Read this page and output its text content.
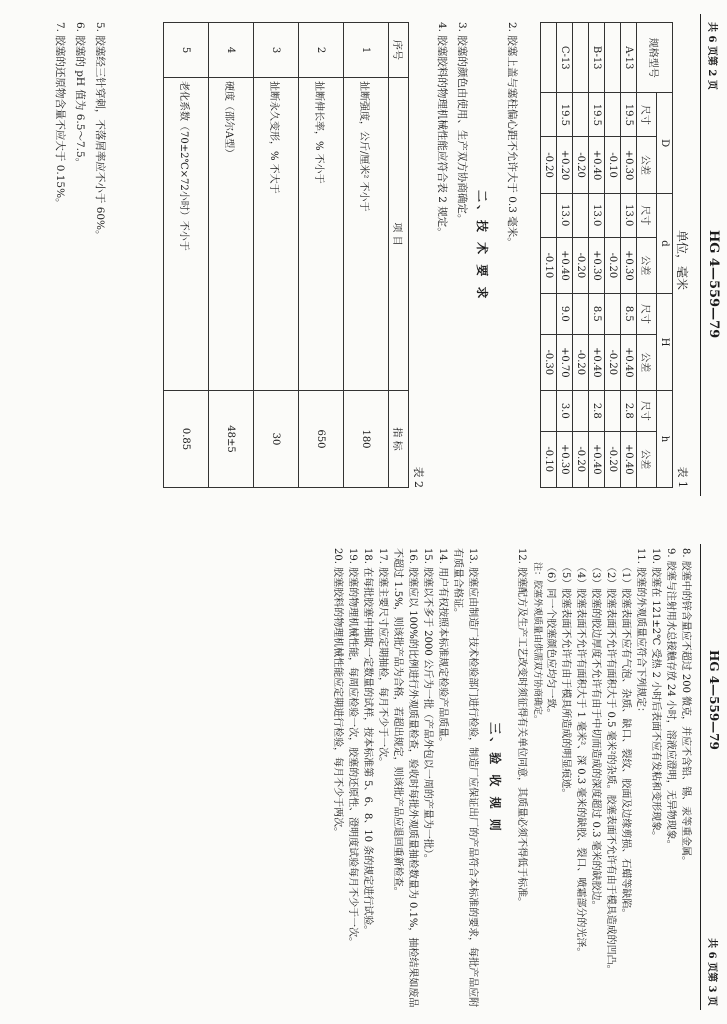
共 6 页第 2 页
HG 4—559—79
单位，毫米
表 1
规格型号	D		d		H		h	
	尺寸	公差	尺寸	公差	尺寸	公差	尺寸	公差
A-13	19.5	+0.30	13.0	+0.30	8.5	+0.40	2.8	+0.40
		-0.10		-0.20		-0.20		-0.20
B-13	19.5	+0.40	13.0	+0.30	8.5	+0.40	2.8	+0.40
		-0.20		-0.20		-0.20		-0.20
C-13	19.5	+0.20	13.0	+0.40	9.0	+0.70	3.0	+0.30
		-0.20		-0.10		-0.30		-0.10
2. 胶塞上盖与塞柱偏心距不允许大于 0.3 毫米。
二、技 术 要 求
3. 胶塞的颜色由使用、生产双方协商确定。
4. 胶塞胶料的物理机械性能应符合表 2 规定。
表 2
序号	项 目	指 标
1	扯断强度，公斤/厘米² 不小于	180
2	扯断伸长率，% 不小于	650
3	扯断永久变形，% 不大于	30
4	硬度（邵尔A型）	48±5
5	老化系数（70±2℃×72小时）不小于	0.85
5. 胶塞经三针穿刺，不落屑率应不小于 60%。
6. 胶塞的 pH 值为 6.5～7.5。
7. 胶塞的还原物含量不应大于 0.15%。
HG 4—559—79
共 6 页第 3 页
8. 胶塞中的锌含量应不超过 200 微克，并应不含铅、锡、汞等重金属。
9. 胶塞与注射用水总接触存放 24 小时，溶液应澄明，无异物现象。
10. 胶塞在 121±2℃ 受热 2 小时后表面不应有发粘和变形现象。
11. 胶塞的外观质量应符合下列规定：
（1）胶塞表面不应有气泡、杂质、缺口、裂纹、胶面及边缘剪损、石蜡等缺陷。
（2）胶塞表面不允许有面积大于 0.5 毫米²的杂质。胶塞表面不允许有由于模具造成的凹凸。
（3）胶塞的胶边厚度不允许有由于中切而造成的深度超过 0.3 毫米的缺胶边。
（4）胶塞表面不允许有面积大于 1 毫米²、深 0.3 毫米的缺胶、裂口、喷霜部分的光泽。
（5）胶塞表面不允许有由于模具所造成的明显痕迹。
（6）同一个胶塞颜色应均匀一致。
注：胶塞外观质量由供需双方协商确定。
12. 胶塞配方及生产工艺改变时须征得有关单位同意，其质量必须不得低于标准。
三、验 收 规 则
13. 胶塞应由制造厂技术检验部门进行检验，制造厂应保证出厂的产品符合本标准的要求，每批产品应附有质量合格证。
14. 用户有权按照本标准规定检验产品质量。
15. 胶塞以不多于 2000 公斤为一批（产品外包以一周的产量为一批）。
16. 胶塞应以 100%的比例进行外观质量检查，验收时每批外观质量抽检数量为 0.1%，抽检结果如废品不超过 1.5%，则该批产品为合格，若超出规定，则该批产品应退回重新检查。
17. 胶塞主要尺寸应定期抽检，每月不少于一次。
18. 在每批胶塞中抽取一定数量的试样，按本标准第 5、6、8、10 条的规定进行试验。
19. 胶塞的物理机械性能，每周应检验一次，胶塞的还原性、澄明度试验每月不少于一次。
20. 胶塞胶料的物理机械性能应定期进行检验，每月不少于两次。
